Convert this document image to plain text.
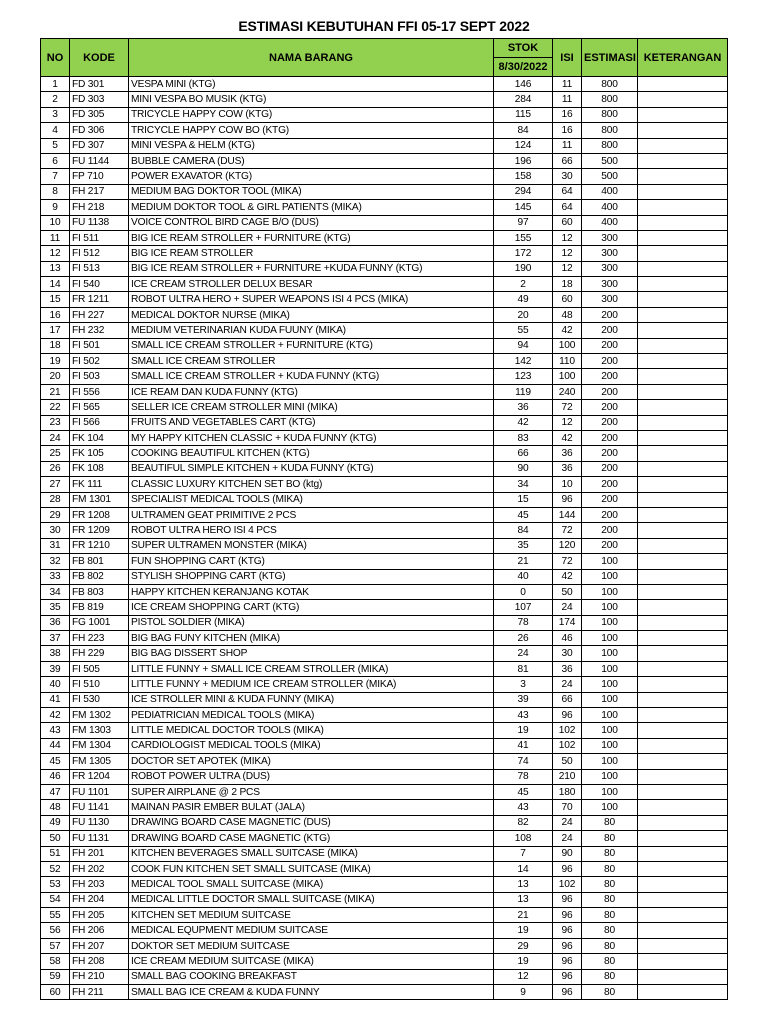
ESTIMASI KEBUTUHAN FFI 05-17 SEPT 2022
NO	KODE	NAMA BARANG	STOK	ISI	ESTIMASI	KETERANGAN
			8/30/2022			
1	FD 301	VESPA MINI (KTG)	146	11	800	
2	FD 303	MINI VESPA BO MUSIK (KTG)	284	11	800	
3	FD 305	TRICYCLE HAPPY COW (KTG)	115	16	800	
4	FD 306	TRICYCLE HAPPY COW BO (KTG)	84	16	800	
5	FD 307	MINI VESPA & HELM (KTG)	124	11	800	
6	FU 1144	BUBBLE CAMERA (DUS)	196	66	500	
7	FP 710	POWER EXAVATOR (KTG)	158	30	500	
8	FH 217	MEDIUM BAG DOKTOR TOOL (MIKA)	294	64	400	
9	FH 218	MEDIUM DOKTOR TOOL & GIRL PATIENTS (MIKA)	145	64	400	
10	FU 1138	VOICE CONTROL BIRD CAGE B/O (DUS)	97	60	400	
11	FI 511	BIG ICE REAM STROLLER + FURNITURE (KTG)	155	12	300	
12	FI 512	BIG ICE REAM STROLLER	172	12	300	
13	FI 513	BIG ICE REAM STROLLER + FURNITURE +KUDA FUNNY (KTG)	190	12	300	
14	FI 540	ICE CREAM STROLLER DELUX BESAR	2	18	300	
15	FR 1211	ROBOT ULTRA HERO + SUPER WEAPONS ISI 4 PCS (MIKA)	49	60	300	
16	FH 227	MEDICAL DOKTOR NURSE (MIKA)	20	48	200	
17	FH 232	MEDIUM VETERINARIAN KUDA FUUNY (MIKA)	55	42	200	
18	FI 501	SMALL ICE CREAM STROLLER + FURNITURE (KTG)	94	100	200	
19	FI 502	SMALL ICE CREAM STROLLER	142	110	200	
20	FI 503	SMALL ICE CREAM STROLLER + KUDA FUNNY (KTG)	123	100	200	
21	FI 556	ICE REAM DAN KUDA FUNNY (KTG)	119	240	200	
22	FI 565	SELLER ICE CREAM STROLLER MINI (MIKA)	36	72	200	
23	FI 566	FRUITS AND VEGETABLES CART (KTG)	42	12	200	
24	FK 104	MY HAPPY KITCHEN CLASSIC + KUDA FUNNY (KTG)	83	42	200	
25	FK 105	COOKING BEAUTIFUL KITCHEN (KTG)	66	36	200	
26	FK 108	BEAUTIFUL SIMPLE KITCHEN + KUDA FUNNY (KTG)	90	36	200	
27	FK 111	CLASSIC LUXURY KITCHEN SET BO (ktg)	34	10	200	
28	FM 1301	SPECIALIST MEDICAL TOOLS (MIKA)	15	96	200	
29	FR 1208	ULTRAMEN GEAT PRIMITIVE 2 PCS	45	144	200	
30	FR 1209	ROBOT ULTRA HERO ISI 4 PCS	84	72	200	
31	FR 1210	SUPER ULTRAMEN MONSTER (MIKA)	35	120	200	
32	FB 801	FUN SHOPPING CART (KTG)	21	72	100	
33	FB 802	STYLISH SHOPPING CART (KTG)	40	42	100	
34	FB 803	HAPPY KITCHEN KERANJANG KOTAK	0	50	100	
35	FB 819	ICE CREAM SHOPPING CART (KTG)	107	24	100	
36	FG 1001	PISTOL SOLDIER (MIKA)	78	174	100	
37	FH 223	BIG BAG FUNY KITCHEN (MIKA)	26	46	100	
38	FH 229	BIG BAG DISSERT SHOP	24	30	100	
39	FI 505	LITTLE FUNNY + SMALL ICE CREAM STROLLER (MIKA)	81	36	100	
40	FI 510	LITTLE FUNNY + MEDIUM ICE CREAM STROLLER (MIKA)	3	24	100	
41	FI 530	ICE STROLLER MINI & KUDA FUNNY (MIKA)	39	66	100	
42	FM 1302	PEDIATRICIAN MEDICAL TOOLS (MIKA)	43	96	100	
43	FM 1303	LITTLE MEDICAL DOCTOR TOOLS (MIKA)	19	102	100	
44	FM 1304	CARDIOLOGIST MEDICAL TOOLS (MIKA)	41	102	100	
45	FM 1305	DOCTOR SET APOTEK (MIKA)	74	50	100	
46	FR 1204	ROBOT POWER ULTRA (DUS)	78	210	100	
47	FU 1101	SUPER AIRPLANE @ 2 PCS	45	180	100	
48	FU 1141	MAINAN PASIR EMBER BULAT (JALA)	43	70	100	
49	FU 1130	DRAWING BOARD CASE MAGNETIC (DUS)	82	24	80	
50	FU 1131	DRAWING BOARD CASE MAGNETIC (KTG)	108	24	80	
51	FH 201	KITCHEN BEVERAGES SMALL SUITCASE (MIKA)	7	90	80	
52	FH 202	COOK FUN KITCHEN SET SMALL SUITCASE (MIKA)	14	96	80	
53	FH 203	MEDICAL TOOL SMALL SUITCASE (MIKA)	13	102	80	
54	FH 204	MEDICAL LITTLE DOCTOR SMALL SUITCASE (MIKA)	13	96	80	
55	FH 205	KITCHEN SET MEDIUM SUITCASE	21	96	80	
56	FH 206	MEDICAL EQUPMENT MEDIUM SUITCASE	19	96	80	
57	FH 207	DOKTOR SET MEDIUM SUITCASE	29	96	80	
58	FH 208	ICE CREAM MEDIUM SUITCASE (MIKA)	19	96	80	
59	FH 210	SMALL BAG COOKING BREAKFAST	12	96	80	
60	FH 211	SMALL BAG ICE CREAM & KUDA FUNNY	9	96	80	
